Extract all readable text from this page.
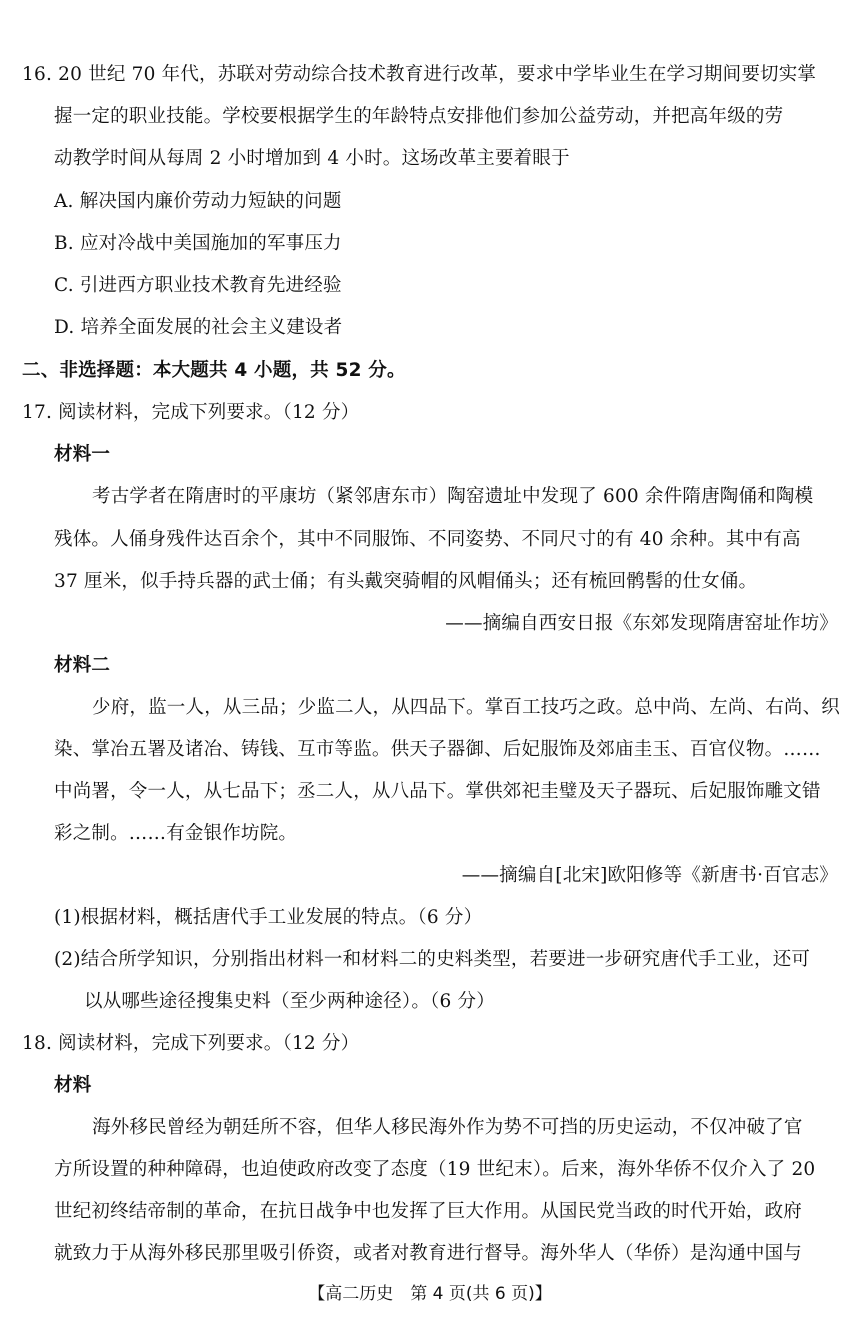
16. 20 世纪 70 年代，苏联对劳动综合技术教育进行改革，要求中学毕业生在学习期间要切实掌
握一定的职业技能。学校要根据学生的年龄特点安排他们参加公益劳动，并把高年级的劳
动教学时间从每周 2 小时增加到 4 小时。这场改革主要着眼于
A. 解决国内廉价劳动力短缺的问题
B. 应对冷战中美国施加的军事压力
C. 引进西方职业技术教育先进经验
D. 培养全面发展的社会主义建设者
二、非选择题：本大题共 4 小题，共 52 分。
17. 阅读材料，完成下列要求。（12 分）
材料一
考古学者在隋唐时的平康坊（紧邻唐东市）陶窑遗址中发现了 600 余件隋唐陶俑和陶模
残体。人俑身残件达百余个，其中不同服饰、不同姿势、不同尺寸的有 40 余种。其中有高
37 厘米，似手持兵器的武士俑；有头戴突骑帽的风帽俑头；还有梳回鹘髻的仕女俑。
——摘编自西安日报《东郊发现隋唐窑址作坊》
材料二
少府，监一人，从三品；少监二人，从四品下。掌百工技巧之政。总中尚、左尚、右尚、织
染、掌冶五署及诸冶、铸钱、互市等监。供天子器御、后妃服饰及郊庙圭玉、百官仪物。……
中尚署，令一人，从七品下；丞二人，从八品下。掌供郊祀圭璧及天子器玩、后妃服饰雕文错
彩之制。……有金银作坊院。
——摘编自[北宋]欧阳修等《新唐书·百官志》
(1)根据材料，概括唐代手工业发展的特点。（6 分）
(2)结合所学知识，分别指出材料一和材料二的史料类型，若要进一步研究唐代手工业，还可
以从哪些途径搜集史料（至少两种途径）。（6 分）
18. 阅读材料，完成下列要求。（12 分）
材料
海外移民曾经为朝廷所不容，但华人移民海外作为势不可挡的历史运动，不仅冲破了官
方所设置的种种障碍，也迫使政府改变了态度（19 世纪末）。后来，海外华侨不仅介入了 20
世纪初终结帝制的革命，在抗日战争中也发挥了巨大作用。从国民党当政的时代开始，政府
就致力于从海外移民那里吸引侨资，或者对教育进行督导。海外华人（华侨）是沟通中国与
【高二历史　第 4 页(共 6 页)】
